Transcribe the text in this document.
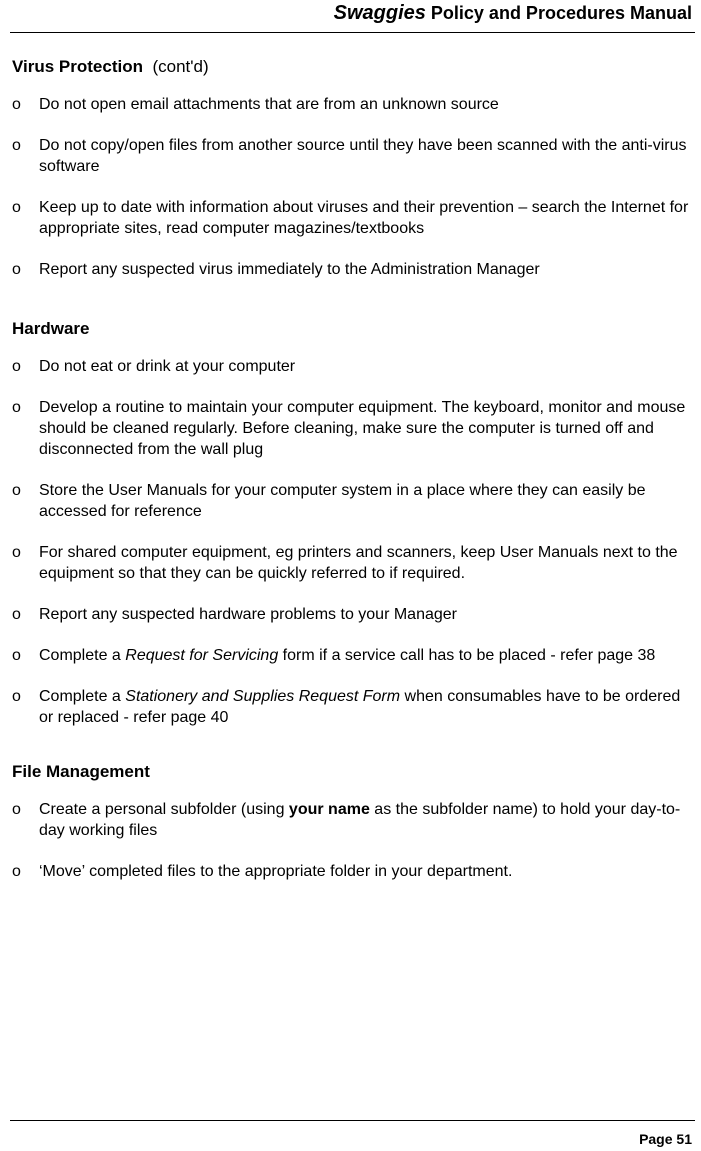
Swaggies Policy and Procedures Manual
Virus Protection (cont'd)
o Do not open email attachments that are from an unknown source
o Do not copy/open files from another source until they have been scanned with the anti-virus software
o Keep up to date with information about viruses and their prevention – search the Internet for appropriate sites, read computer magazines/textbooks
o Report any suspected virus immediately to the Administration Manager
Hardware
o Do not eat or drink at your computer
o Develop a routine to maintain your computer equipment. The keyboard, monitor and mouse should be cleaned regularly. Before cleaning, make sure the computer is turned off and disconnected from the wall plug
o Store the User Manuals for your computer system in a place where they can easily be accessed for reference
o For shared computer equipment, eg printers and scanners, keep User Manuals next to the equipment so that they can be quickly referred to if required.
o Report any suspected hardware problems to your Manager
o Complete a Request for Servicing form if a service call has to be placed - refer page 38
o Complete a Stationery and Supplies Request Form when consumables have to be ordered or replaced - refer page 40
File Management
o Create a personal subfolder (using your name as the subfolder name) to hold your day-to-day working files
o ‘Move’ completed files to the appropriate folder in your department.
Page 51
